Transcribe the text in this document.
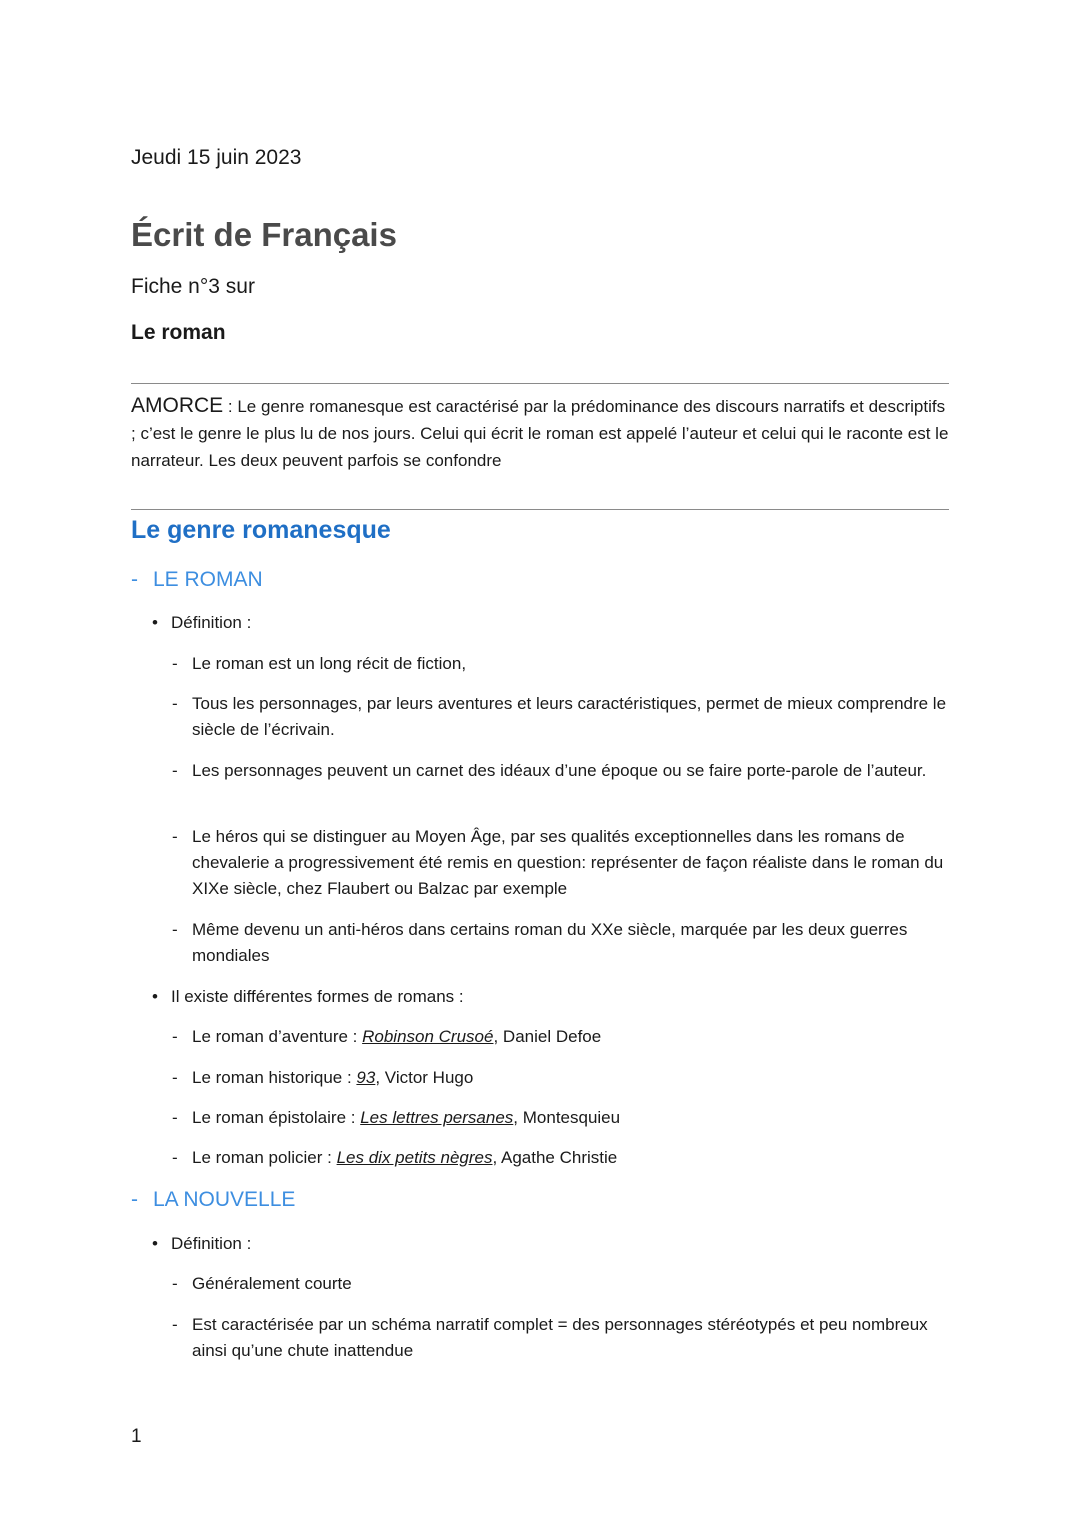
Jeudi 15 juin 2023
Écrit de Français
Fiche n°3 sur
Le roman
AMORCE : Le genre romanesque est caractérisé par la prédominance des discours narratifs et descriptifs ; c’est le genre le plus lu de nos jours. Celui qui écrit le roman est appelé l’auteur et celui qui le raconte est le narrateur. Les deux peuvent parfois se confondre
Le genre romanesque
- LE ROMAN
• Définition :
- Le roman est un long récit de fiction,
- Tous les personnages, par leurs aventures et leurs caractéristiques, permet de mieux comprendre le siècle de l’écrivain.
- Les personnages peuvent un carnet des idéaux d’une époque ou se faire porte-parole de l’auteur.
- Le héros qui se distinguer au Moyen Âge, par ses qualités exceptionnelles dans les romans de chevalerie a progressivement été remis en question: représenter de façon réaliste dans le roman du XIXe siècle, chez Flaubert ou Balzac par exemple
- Même devenu un anti-héros dans certains roman du XXe siècle, marquée par les deux guerres mondiales
• Il existe différentes formes de romans :
- Le roman d’aventure : Robinson Crusoé, Daniel Defoe
- Le roman historique : 93, Victor Hugo
- Le roman épistolaire : Les lettres persanes, Montesquieu
- Le roman policier : Les dix petits nègres, Agathe Christie
- LA NOUVELLE
• Définition :
- Généralement courte
- Est caractérisée par un schéma narratif complet = des personnages stéréotypés et peu nombreux ainsi qu’une chute inattendue
1
